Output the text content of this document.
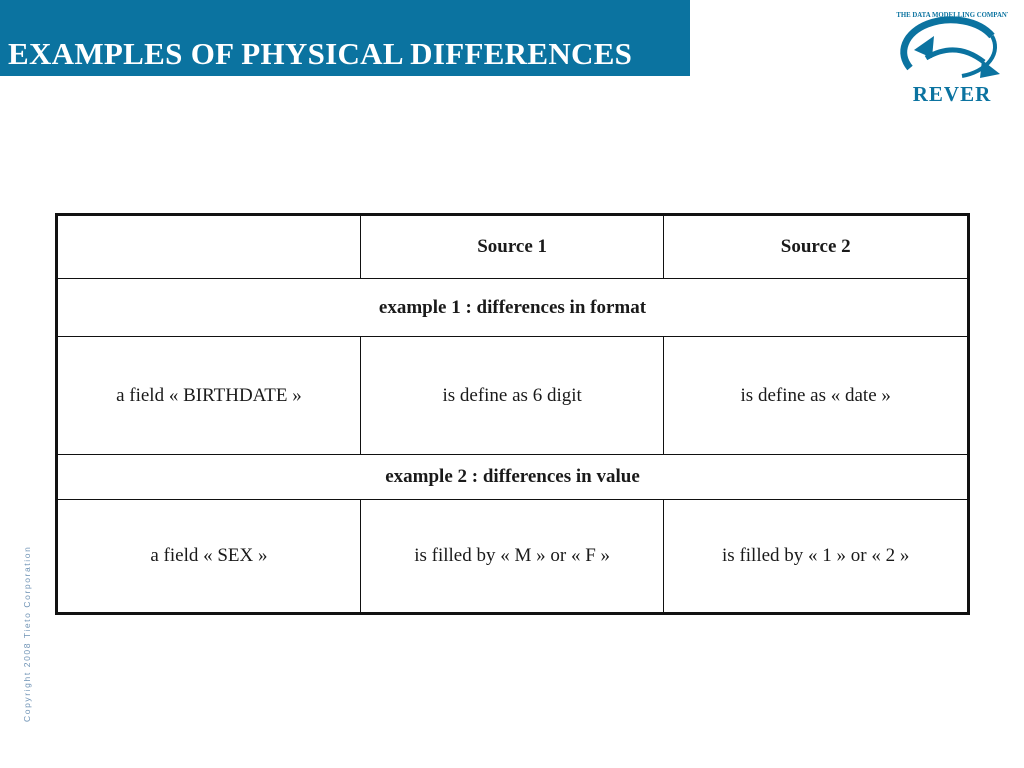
EXAMPLES OF PHYSICAL DIFFERENCES
THE DATA MODELLING COMPANY
REVER
Copyright 2008 Tieto Corporation
	Source 1	Source 2
example 1 : differences in format		
a field « BIRTHDATE »	is define as 6 digit	is define as « date »
example 2 : differences in value		
a field « SEX »	is filled by « M » or « F »	is filled by « 1 » or « 2 »
